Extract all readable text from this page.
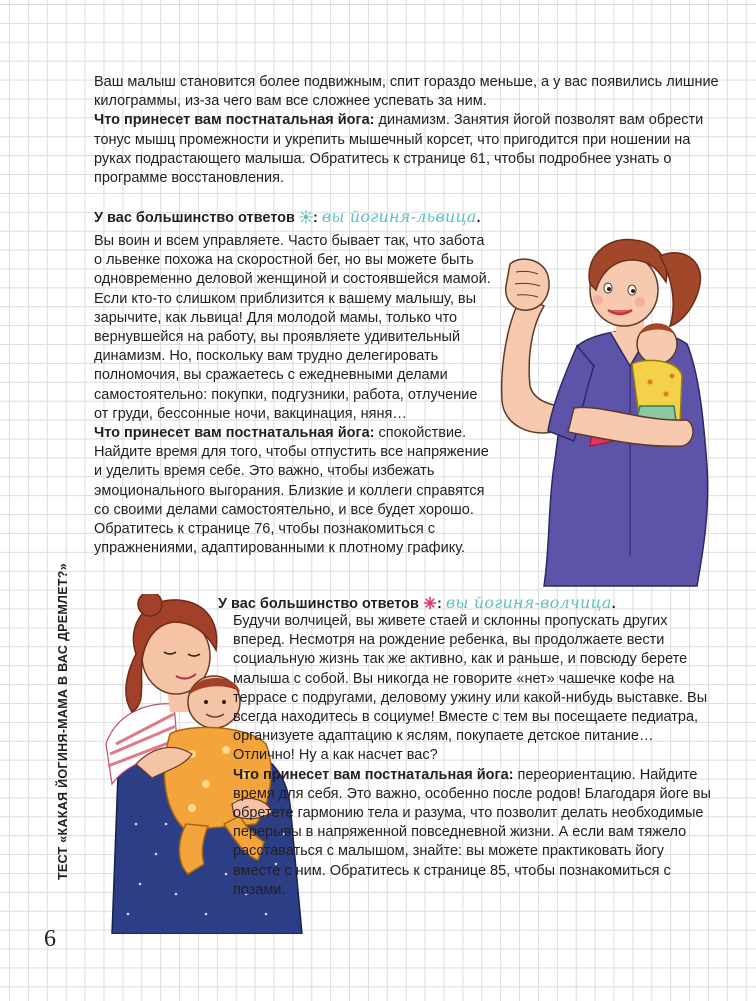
Ваш малыш становится более подвижным, спит гораздо меньше, а у вас появились лишние килограммы, из-за чего вам все сложнее успевать за ним.
Что принесет вам постнатальная йога: динамизм. Занятия йогой позволят вам обрести тонус мышц промежности и укрепить мышечный корсет, что пригодится при ношении на руках подрастающего малыша. Обратитесь к странице 61, чтобы подробнее узнать о программе восстановления.

У вас большинство ответов : вы йогиня-львица.

Вы воин и всем управляете. Часто бывает так, что забота о львенке похожа на скоростной бег, но вы можете быть одновременно деловой женщиной и состоявшейся мамой. Если кто-то слишком приблизится к вашему малышу, вы зарычите, как львица! Для молодой мамы, только что вернувшейся на работу, вы проявляете удивительный динамизм. Но, поскольку вам трудно делегировать полномочия, вы сражаетесь с ежедневными делами самостоятельно: покупки, подгузники, работа, отлучение от груди, бессонные ночи, вакцинация, няня…
Что принесет вам постнатальная йога: спокойствие. Найдите время для того, чтобы отпустить все напряжение и уделить время себе. Это важно, чтобы избежать эмоционального выгорания. Близкие и коллеги справятся со своими делами самостоятельно, и все будет хорошо. Обратитесь к странице 76, чтобы познакомиться с упражнениями, адаптированными к плотному графику.

У вас большинство ответов : вы йогиня-волчица.

Будучи волчицей, вы живете стаей и склонны пропускать других вперед. Несмотря на рождение ребенка, вы продолжаете вести социальную жизнь так же активно, как и раньше, и повсюду берете малыша с собой. Вы никогда не говорите «нет» чашечке кофе на террасе с подругами, деловому ужину или какой-нибудь выставке. Вы всегда находитесь в социуме! Вместе с тем вы посещаете педиатра, организуете адаптацию к яслям, покупаете детское питание… Отлично! Ну а как насчет вас?
Что принесет вам постнатальная йога: переориентацию. Найдите время для себя. Это важно, особенно после родов! Благодаря йоге вы обретете гармонию тела и разума, что позволит делать необходимые перерывы в напряженной повседневной жизни. А если вам тяжело расставаться с малышом, знайте: вы можете практиковать йогу вместе с ним. Обратитесь к странице 85, чтобы познакомиться с позами.

ТЕСТ «КАКАЯ ЙОГИНЯ-МАМА В ВАС ДРЕМЛЕТ?»
6
